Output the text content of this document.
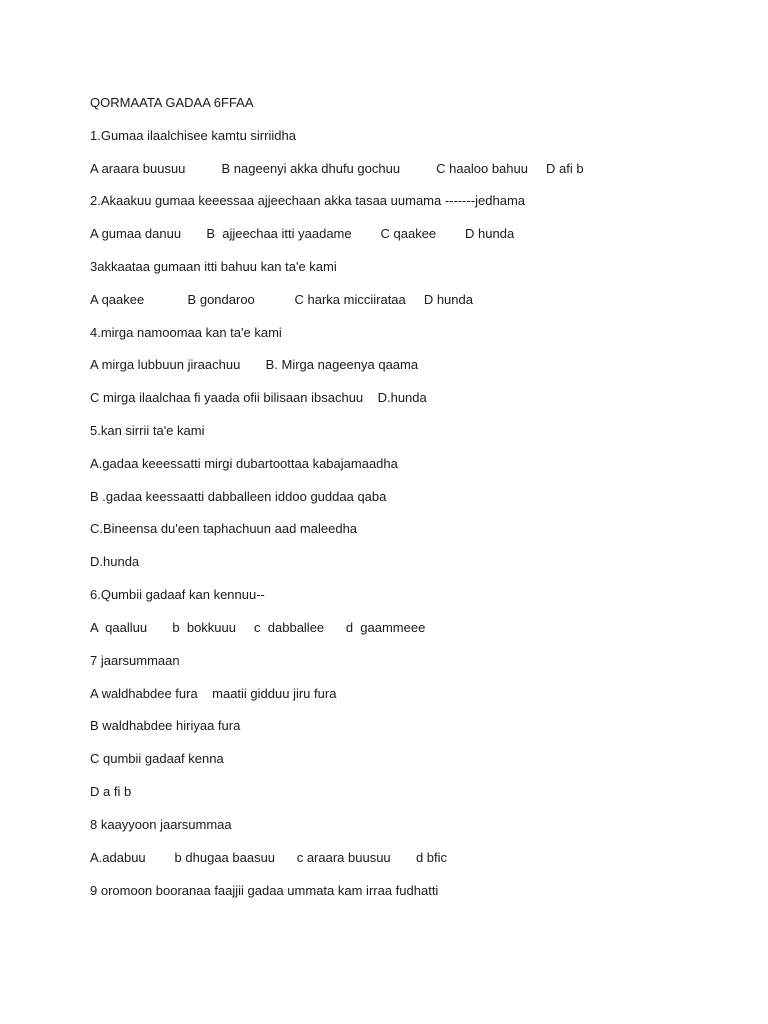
QORMAATA GADAA 6FFAA
1.Gumaa ilaalchisee kamtu sirriidha
A araara buusuu          B nageenyi akka dhufu gochuu          C haaloo bahuu     D afi b
2.Akaakuu gumaa keeessaa ajjeechaan akka tasaa uumama -------jedhama
A gumaa danuu       B  ajjeechaa itti yaadame        C qaakee        D hunda
3akkaataa gumaan itti bahuu kan ta'e kami
A qaakee            B gondaroo           C harka micciirataa     D hunda
4.mirga namoomaa kan ta'e kami
A mirga lubbuun jiraachuu       B. Mirga nageenya qaama
C mirga ilaalchaa fi yaada ofii bilisaan ibsachuu    D.hunda
5.kan sirrii ta'e kami
A.gadaa keeessatti mirgi dubartoottaa kabajamaadha
B .gadaa keessaatti dabballeen iddoo guddaa qaba
C.Bineensa du'een taphachuun aad maleedha
D.hunda
6.Qumbii gadaaf kan kennuu--
A  qaalluu       b  bokkuuu     c  dabballee      d  gaammeee
7 jaarsummaan
A waldhabdee fura    maatii gidduu jiru fura
B waldhabdee hiriyaa fura
C qumbii gadaaf kenna
D a fi b
8 kaayyoon jaarsummaa
A.adabuu        b dhugaa baasuu      c araara buusuu       d bfic
9 oromoon booranaa faajjii gadaa ummata kam irraa fudhatti
